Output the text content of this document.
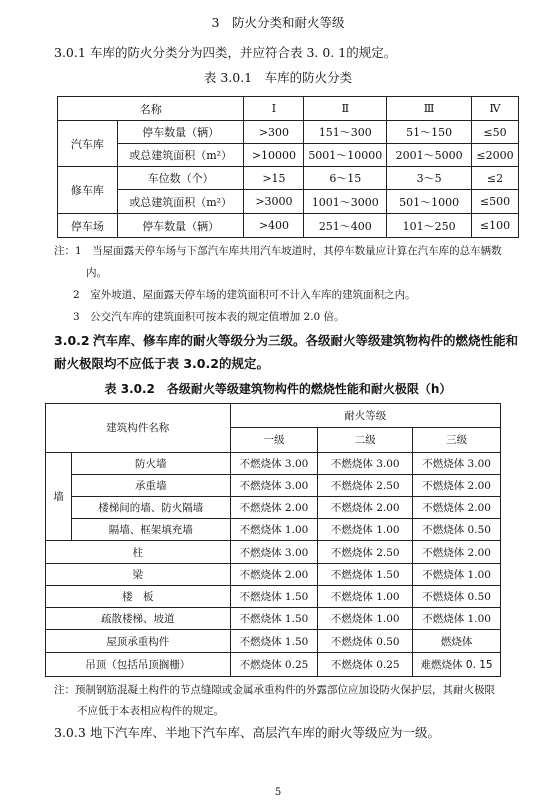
3　防火分类和耐火等级
3.0.1 车库的防火分类分为四类，并应符合表 3. 0. 1的规定。
表 3.0.1　车库的防火分类
名称		Ⅰ	Ⅱ	Ⅲ	Ⅳ
汽车库	停车数量（辆）	>300	151～300	51～150	≤50
	或总建筑面积（m²）	>10000	5001～10000	2001～5000	≤2000
修车库	车位数（个）	>15	6～15	3～5	≤2
	或总建筑面积（m²）	>3000	1001～3000	501～1000	≤500
停车场	停车数量（辆）	>400	251～400	101～250	≤100
注：1　当屋面露天停车场与下部汽车库共用汽车坡道时，其停车数量应计算在汽车库的总车辆数
内。
2　室外坡道、屋面露天停车场的建筑面积可不计入车库的建筑面积之内。
3　公交汽车库的建筑面积可按本表的规定值增加 2.0 倍。
3.0.2 汽车库、修车库的耐火等级分为三级。各级耐火等级建筑物构件的燃烧性能和
耐火极限均不应低于表 3.0.2的规定。
表 3.0.2　各级耐火等级建筑物构件的燃烧性能和耐火极限（h）
建筑构件名称		耐火等级		
		一级	二级	三级
墙	防火墙	不燃烧体 3.00	不燃烧体 3.00	不燃烧体 3.00
	承重墙	不燃烧体 3.00	不燃烧体 2.50	不燃烧体 2.00
	楼梯间的墙、防火隔墙	不燃烧体 2.00	不燃烧体 2.00	不燃烧体 2.00
	隔墙、框架填充墙	不燃烧体 1.00	不燃烧体 1.00	不燃烧体 0.50
柱		不燃烧体 3.00	不燃烧体 2.50	不燃烧体 2.00
梁		不燃烧体 2.00	不燃烧体 1.50	不燃烧体 1.00
楼　板		不燃烧体 1.50	不燃烧体 1.00	不燃烧体 0.50
疏散楼梯、坡道		不燃烧体 1.50	不燃烧体 1.00	不燃烧体 1.00
屋顶承重构件		不燃烧体 1.50	不燃烧体 0.50	燃烧体
吊顶（包括吊顶搁栅）		不燃烧体 0.25	不燃烧体 0.25	难燃烧体 0. 15
注：预制钢筋混凝土构件的节点缝隙或金属承重构件的外露部位应加设防火保护层，其耐火极限
不应低于本表相应构件的规定。
3.0.3 地下汽车库、半地下汽车库、高层汽车库的耐火等级应为一级。
5
